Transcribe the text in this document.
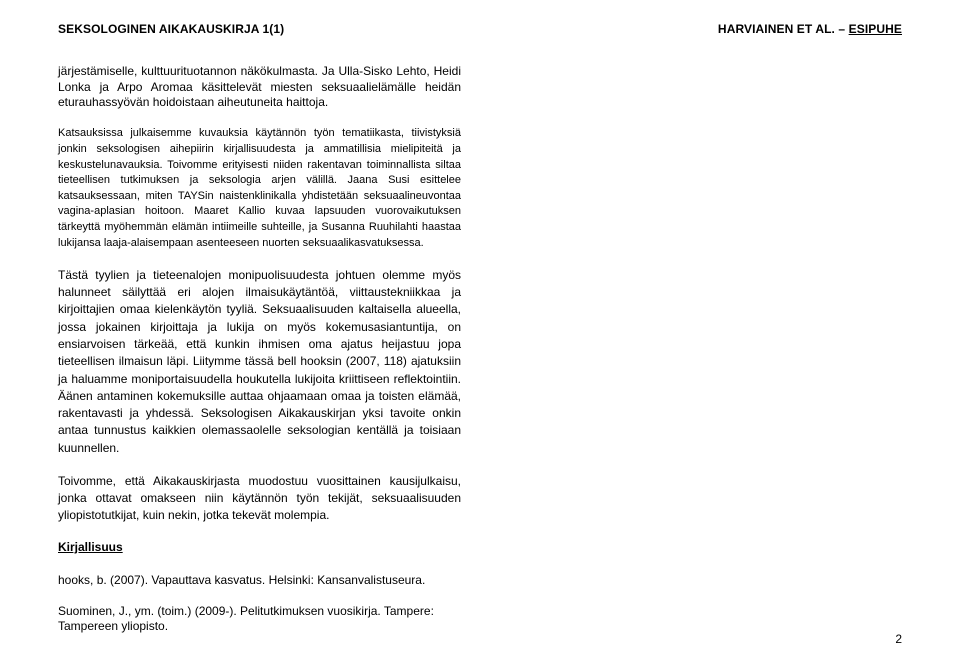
SEKSOLOGINEN AIKAKAUSKIRJA 1(1)	HARVIAINEN ET AL. – ESIPUHE

järjestämiselle, kulttuurituotannon näkökulmasta. Ja Ulla-Sisko Lehto, Heidi Lonka ja Arpo Aromaa käsittelevät miesten seksuaalielämälle heidän eturauhassyövän hoidoistaan aiheutuneita haittoja.

Katsauksissa julkaisemme kuvauksia käytännön työn tematiikasta, tiivistyksiä jonkin seksologisen aihepiirin kirjallisuudesta ja ammatillisia mielipiteitä ja keskustelunavauksia. Toivomme erityisesti niiden rakentavan toiminnallista siltaa tieteellisen tutkimuksen ja seksologia arjen välillä. Jaana Susi esittelee katsauksessaan, miten TAYSin naistenklinikalla yhdistetään seksuaalineuvontaa vagina-aplasian hoitoon. Maaret Kallio kuvaa lapsuuden vuorovaikutuksen tärkeyttä myöhemmän elämän intiimeille suhteille, ja Susanna Ruuhilahti haastaa lukijansa laaja-alaisempaan asenteeseen nuorten seksuaalikasvatuksessa.

Tästä tyylien ja tieteenalojen monipuolisuudesta johtuen olemme myös halunneet säilyttää eri alojen ilmaisukäytäntöä, viittaustekniikkaa ja kirjoittajien omaa kielenkäytön tyyliä. Seksuaalisuuden kaltaisella alueella, jossa jokainen kirjoittaja ja lukija on myös kokemusasiantuntija, on ensiarvoisen tärkeää, että kunkin ihmisen oma ajatus heijastuu jopa tieteellisen ilmaisun läpi. Liitymme tässä bell hooksin (2007, 118) ajatuksiin ja haluamme moniportaisuudella houkutella lukijoita kriittiseen reflektointiin. Äänen antaminen kokemuksille auttaa ohjaamaan omaa ja toisten elämää, rakentavasti ja yhdessä. Seksologisen Aikakauskirjan yksi tavoite onkin antaa tunnustus kaikkien olemassaolelle seksologian kentällä ja toisiaan kuunnellen.

Toivomme, että Aikakauskirjasta muodostuu vuosittainen kausijulkaisu, jonka ottavat omakseen niin käytännön työn tekijät, seksuaalisuuden yliopistotutkijat, kuin nekin, jotka tekevät molempia.

Kirjallisuus

hooks, b. (2007). Vapauttava kasvatus. Helsinki: Kansanvalistuseura.

Suominen, J., ym. (toim.) (2009-). Pelitutkimuksen vuosikirja. Tampere: Tampereen yliopisto.

2
